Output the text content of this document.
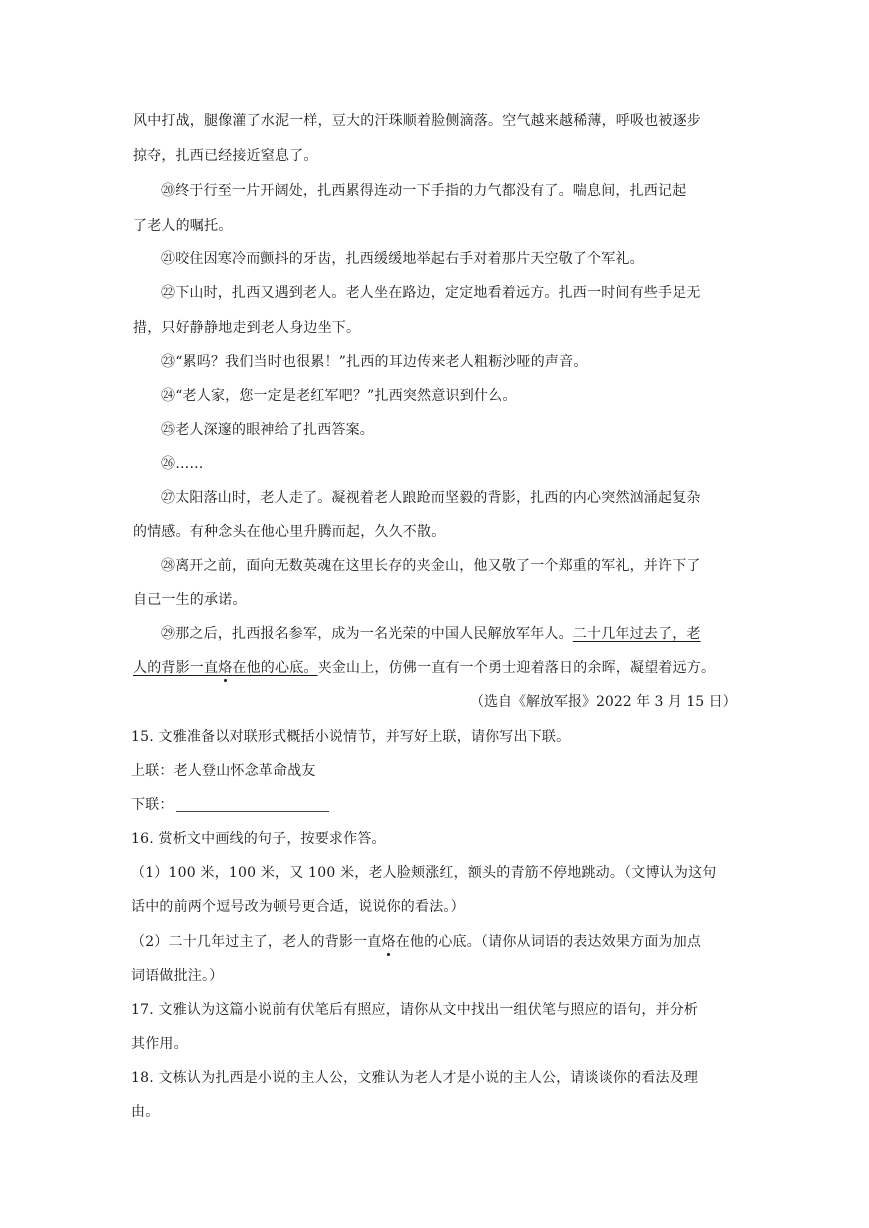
风中打战，腿像灌了水泥一样，豆大的汗珠顺着脸侧滴落。空气越来越稀薄，呼吸也被逐步
掠夺，扎西已经接近窒息了。
⑳终于行至一片开阔处，扎西累得连动一下手指的力气都没有了。喘息间，扎西记起
了老人的嘱托。
㉑咬住因寒冷而颤抖的牙齿，扎西缓缓地举起右手对着那片天空敬了个军礼。
㉒下山时，扎西又遇到老人。老人坐在路边，定定地看着远方。扎西一时间有些手足无
措，只好静静地走到老人身边坐下。
㉓“累吗？我们当时也很累！”扎西的耳边传来老人粗粝沙哑的声音。
㉔“老人家，您一定是老红军吧？”扎西突然意识到什么。
㉕老人深邃的眼神给了扎西答案。
㉖……
㉗太阳落山时，老人走了。凝视着老人踉跄而坚毅的背影，扎西的内心突然汹涌起复杂
的情感。有种念头在他心里升腾而起，久久不散。
㉘离开之前，面向无数英魂在这里长存的夹金山，他又敬了一个郑重的军礼，并许下了
自己一生的承诺。
㉙那之后，扎西报名参军，成为一名光荣的中国人民解放军年人。二十几年过去了，老
人的背影一直烙在他的心底。夹金山上，仿佛一直有一个勇士迎着落日的余晖，凝望着远方。
（选自《解放军报》2022 年 3 月 15 日）
15. 文雅准备以对联形式概括小说情节，并写好上联，请你写出下联。
上联：老人登山怀念革命战友
下联：
16. 赏析文中画线的句子，按要求作答。
（1）100 米，100 米，又 100 米，老人脸颊涨红，额头的青筋不停地跳动。（文博认为这句
话中的前两个逗号改为顿号更合适，说说你的看法。）
（2）二十几年过主了，老人的背影一直烙在他的心底。（请你从词语的表达效果方面为加点
词语做批注。）
17. 文雅认为这篇小说前有伏笔后有照应，请你从文中找出一组伏笔与照应的语句，并分析
其作用。
18. 文栋认为扎西是小说的主人公，文雅认为老人才是小说的主人公，请谈谈你的看法及理
由。
